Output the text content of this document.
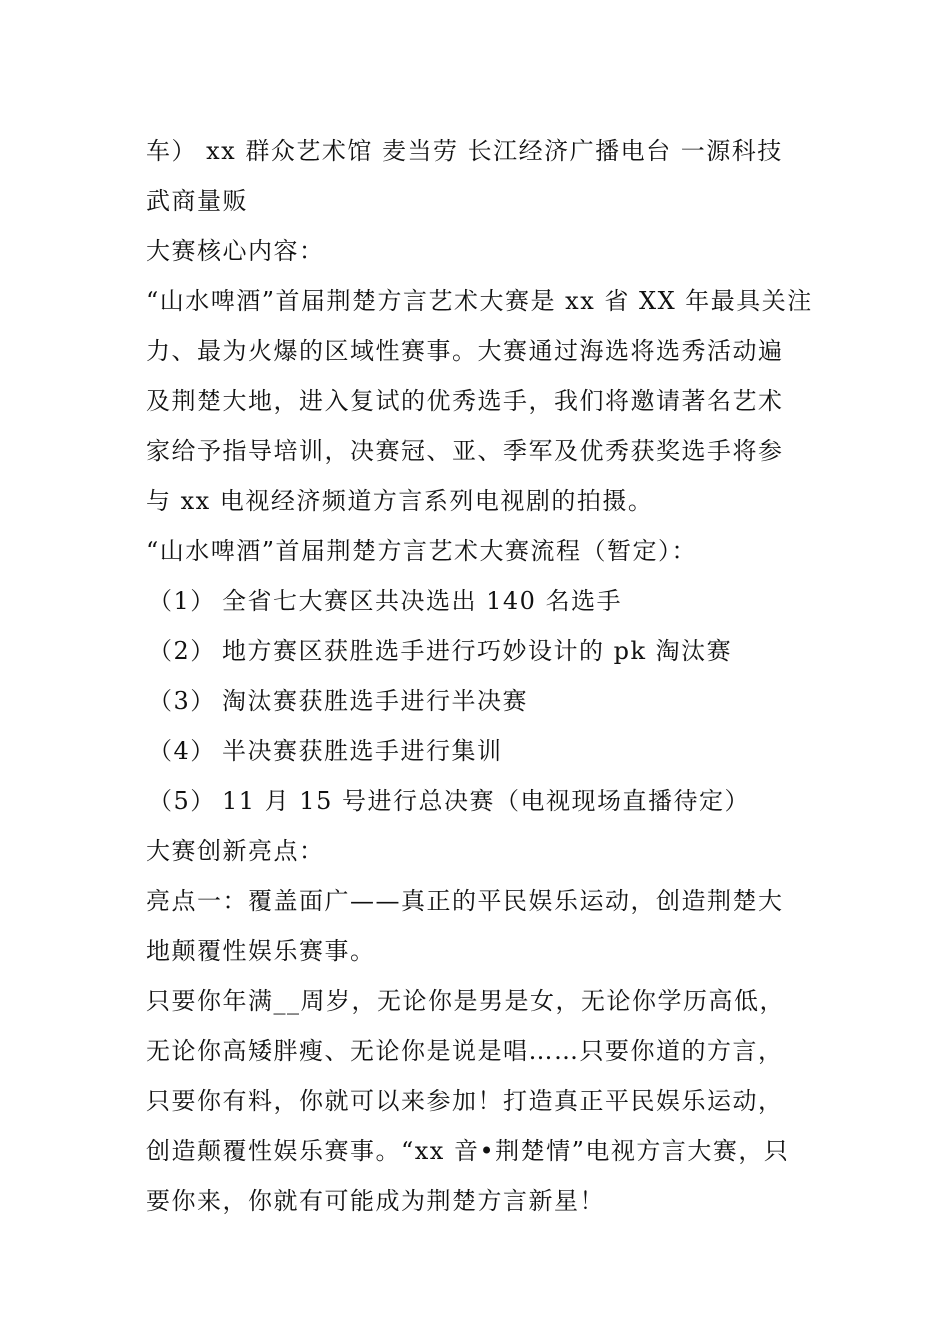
车） xx 群众艺术馆 麦当劳 长江经济广播电台 一源科技
武商量贩
大赛核心内容：
“山水啤酒”首届荆楚方言艺术大赛是 xx 省 XX 年最具关注
力、最为火爆的区域性赛事。大赛通过海选将选秀活动遍
及荆楚大地，进入复试的优秀选手，我们将邀请著名艺术
家给予指导培训，决赛冠、亚、季军及优秀获奖选手将参
与 xx 电视经济频道方言系列电视剧的拍摄。
“山水啤酒”首届荆楚方言艺术大赛流程（暂定）：
（1） 全省七大赛区共决选出 140 名选手
（2） 地方赛区获胜选手进行巧妙设计的 pk 淘汰赛
（3） 淘汰赛获胜选手进行半决赛
（4） 半决赛获胜选手进行集训
（5） 11 月 15 号进行总决赛（电视现场直播待定）
大赛创新亮点：
亮点一：覆盖面广——真正的平民娱乐运动，创造荆楚大
地颠覆性娱乐赛事。
只要你年满__周岁，无论你是男是女，无论你学历高低，
无论你高矮胖瘦、无论你是说是唱……只要你道的方言，
只要你有料，你就可以来参加！打造真正平民娱乐运动，
创造颠覆性娱乐赛事。“xx 音•荆楚情”电视方言大赛，只
要你来，你就有可能成为荆楚方言新星！
